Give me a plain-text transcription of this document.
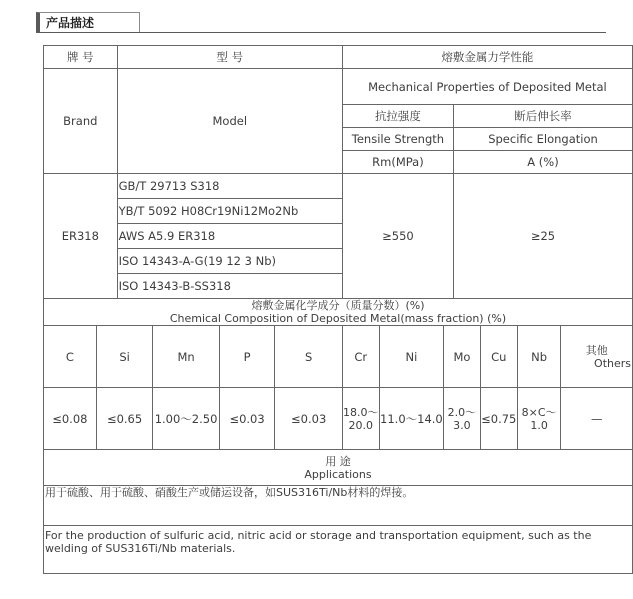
产品描述
牌 号		型 号				熔敷金属力学性能						
Brand		Model				Mechanical Properties of Deposited Metal						
						抗拉强度			断后伸长率			
						Tensile Strength			Specific Elongation			
						Rm(MPa)			A (%)			
ER318		GB/T 29713 S318				≥550			≥25			
		YB/T 5092 H08Cr19Ni12Mo2Nb										
		AWS A5.9 ER318										
		ISO 14343-A-G(19 12 3 Nb)										
		ISO 14343-B-SS318										

熔敷金属化学成分（质量分数）(%)
Chemical Composition of Deposited Metal(mass fraction) (%)												

C	Si		Mn	P	S	Cr	Ni	Mo		Cu	Nb	其他
Others

≤0.08	≤0.65		1.00～2.50	≤0.03	≤0.03	18.0～20.0	11.0～14.0	2.0～3.0		≤0.75	8×C～1.0	—

用 途
Applications												

用于硫酸、用于硫酸、硝酸生产或储运设备，如SUS316Ti/Nb材料的焊接。												
For the production of sulfuric acid, nitric acid or storage and transportation equipment, such as the welding of SUS316Ti/Nb materials.												
